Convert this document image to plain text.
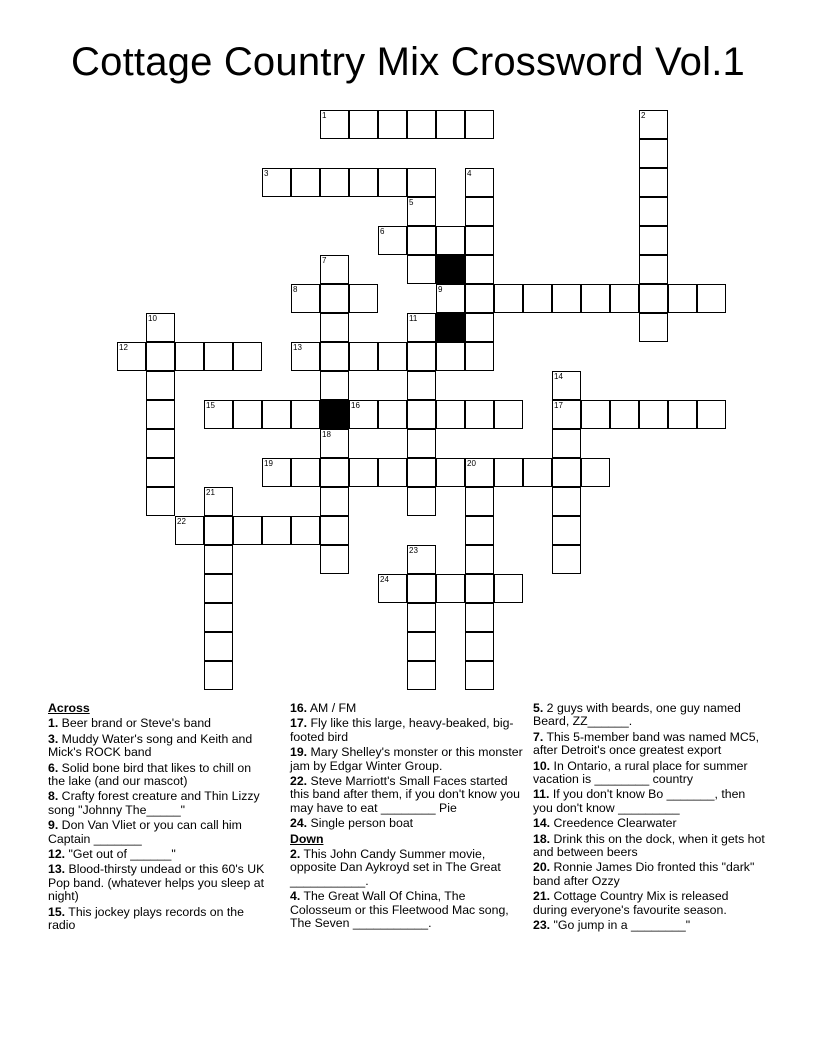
Cottage Country Mix Crossword Vol.1
1	2
3	4
5
6
7
8	9
10	11
12	13
14
15	16	17
18
19	20
21
22
23
24
Across
1. Beer brand or Steve's band
3. Muddy Water's song and Keith and Mick's ROCK band
6. Solid bone bird that likes to chill on the lake (and our mascot)
8. Crafty forest creature and Thin Lizzy song "Johnny The_____"
9. Don Van Vliet or you can call him Captain _______
12. "Get out of ______"
13. Blood-thirsty undead or this 60's UK Pop band. (whatever helps you sleep at night)
15. This jockey plays records on the radio
16. AM / FM
17. Fly like this large, heavy-beaked, big-footed bird
19. Mary Shelley's monster or this monster jam by Edgar Winter Group.
22. Steve Marriott's Small Faces started this band after them, if you don't know you may have to eat ________ Pie
24. Single person boat
Down
2. This John Candy Summer movie, opposite Dan Aykroyd set in The Great ___________.
4. The Great Wall Of China, The Colosseum or this Fleetwood Mac song, The Seven ___________.
5. 2 guys with beards, one guy named Beard, ZZ______.
7. This 5-member band was named MC5, after Detroit's once greatest export
10. In Ontario, a rural place for summer vacation is ________ country
11. If you don't know Bo _______, then you don't know _________
14. Creedence Clearwater
18. Drink this on the dock, when it gets hot and between beers
20. Ronnie James Dio fronted this "dark" band after Ozzy
21. Cottage Country Mix is released during everyone's favourite season.
23. "Go jump in a ________"
